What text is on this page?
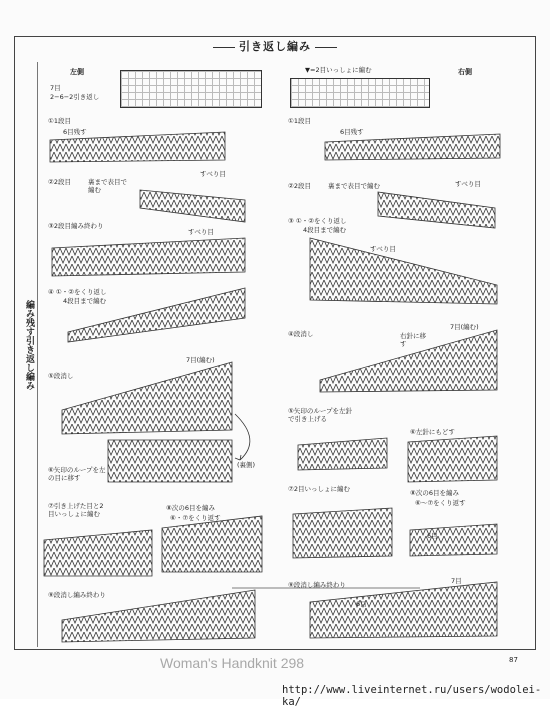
引き返し編み
編み残す引き返し編み
左側	右側
7目
2−6−2引き返し
▼=2目いっしょに編む
①1段目
6目残す
②2段目	裏まで表目で編む
すべり目
③2段目編み終わり
すべり目
④ ①・②をくり返し
4段目まで編む
⑤段消し
7目(編む)
⑥矢印のループを左の目に移す
(裏側)
⑦引き上げた目と2目いっしょに編む
⑧次の6目を編み
⑥・⑦をくり返す
⑨段消し編み終わり
①1段目
6目残す
②2段目	裏まで表目で編む	すべり目
③ ①・②をくり返し
4段目まで編む
すべり目
④段消し	右針に移す
7目(編む)
⑤矢印のループを左針で引き上げる
⑥左針にもどす
⑦2目いっしょに編む	⑧次の6目を編み
⑥〜⑦をくり返す
⑨段消し編み終わり	7目
Woman's Handknit 298	87
http://www.liveinternet.ru/users/wodolei-ka/
